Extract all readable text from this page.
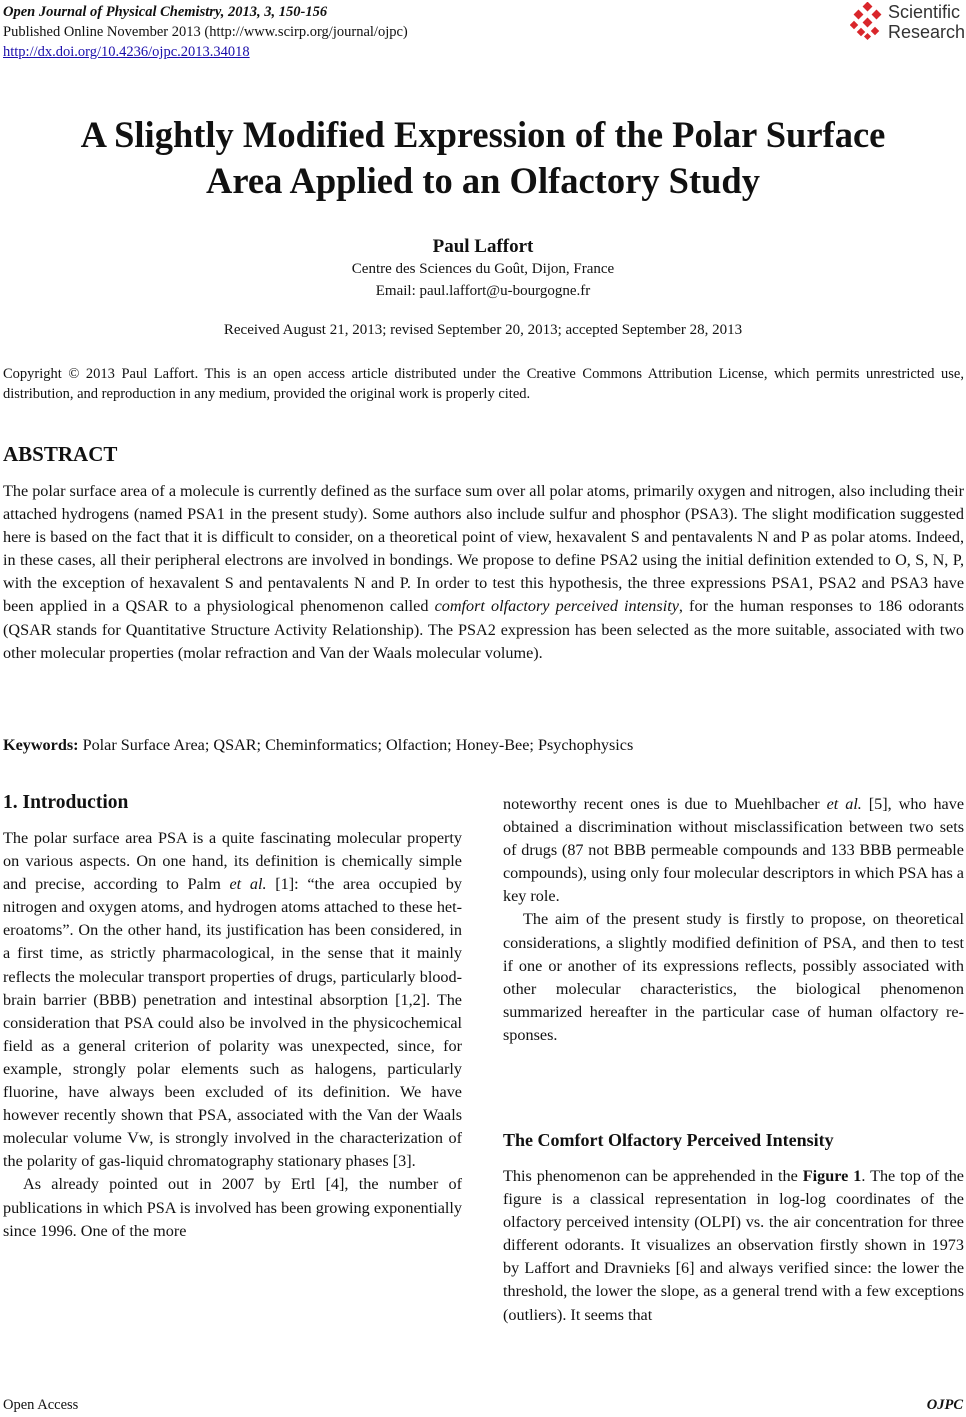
Open Journal of Physical Chemistry, 2013, 3, 150-156
Published Online November 2013 (http://www.scirp.org/journal/ojpc)
http://dx.doi.org/10.4236/ojpc.2013.34018
Scientific
Research
A Slightly Modified Expression of the Polar Surface
Area Applied to an Olfactory Study
Paul Laffort
Centre des Sciences du Goût, Dijon, France
Email: paul.laffort@u-bourgogne.fr
Received August 21, 2013; revised September 20, 2013; accepted September 28, 2013
Copyright © 2013 Paul Laffort. This is an open access article distributed under the Creative Commons Attribution License, which permits unrestricted use, distribution, and reproduction in any medium, provided the original work is properly cited.
ABSTRACT
The polar surface area of a molecule is currently defined as the surface sum over all polar atoms, primarily oxygen and nitrogen, also including their attached hydrogens (named PSA1 in the present study). Some authors also include sulfur and phosphor (PSA3). The slight modification suggested here is based on the fact that it is difficult to consider, on a theoretical point of view, hexavalent S and pentavalents N and P as polar atoms. Indeed, in these cases, all their peripheral electrons are involved in bondings. We propose to define PSA2 using the initial definition extended to O, S, N, P, with the exception of hexavalent S and pentavalents N and P. In order to test this hypothesis, the three expressions PSA1, PSA2 and PSA3 have been applied in a QSAR to a physiological phenomenon called comfort olfactory perceived intensity, for the human responses to 186 odorants (QSAR stands for Quantitative Structure Activity Relationship). The PSA2 expression has been selected as the more suitable, associated with two other molecular properties (molar refraction and Van der Waals molecular volume).
Keywords: Polar Surface Area; QSAR; Cheminformatics; Olfaction; Honey-Bee; Psychophysics
1. Introduction

The polar surface area PSA is a quite fascinating molecular property on various aspects. On one hand, its definition is chemically simple and precise, according to Palm et al. [1]: “the area occupied by nitrogen and oxygen atoms, and hydrogen atoms attached to these heteroatoms”. On the other hand, its justification has been considered, in a first time, as strictly pharmacological, in the sense that it mainly reflects the molecular transport properties of drugs, particularly blood-brain barrier (BBB) penetration and intestinal absorption [1,2]. The consideration that PSA could also be involved in the physicochemical field as a general criterion of polarity was unexpected, since, for example, strongly polar elements such as halogens, particularly fluorine, have always been excluded of its definition. We have however recently shown that PSA, associated with the Van der Waals molecular volume Vw, is strongly involved in the characterization of the polarity of gas-liquid chromatography stationary phases [3].

As already pointed out in 2007 by Ertl [4], the number of publications in which PSA is involved has been growing exponentially since 1996. One of the more

noteworthy recent ones is due to Muehlbacher et al. [5], who have obtained a discrimination without misclassification between two sets of drugs (87 not BBB permeable compounds and 133 BBB permeable compounds), using only four molecular descriptors in which PSA has a key role.

The aim of the present study is firstly to propose, on theoretical considerations, a slightly modified definition of PSA, and then to test if one or another of its expressions reflects, possibly associated with other molecular characteristics, the biological phenomenon summarized hereafter in the particular case of human olfactory responses.

The Comfort Olfactory Perceived Intensity

This phenomenon can be apprehended in the Figure 1. The top of the figure is a classical representation in log-log coordinates of the olfactory perceived intensity (OLPI) vs. the air concentration for three different odorants. It visualizes an observation firstly shown in 1973 by Laffort and Dravnieks [6] and always verified since: the lower the threshold, the lower the slope, as a general trend with a few exceptions (outliers). It seems that

Open Access	OJPC
